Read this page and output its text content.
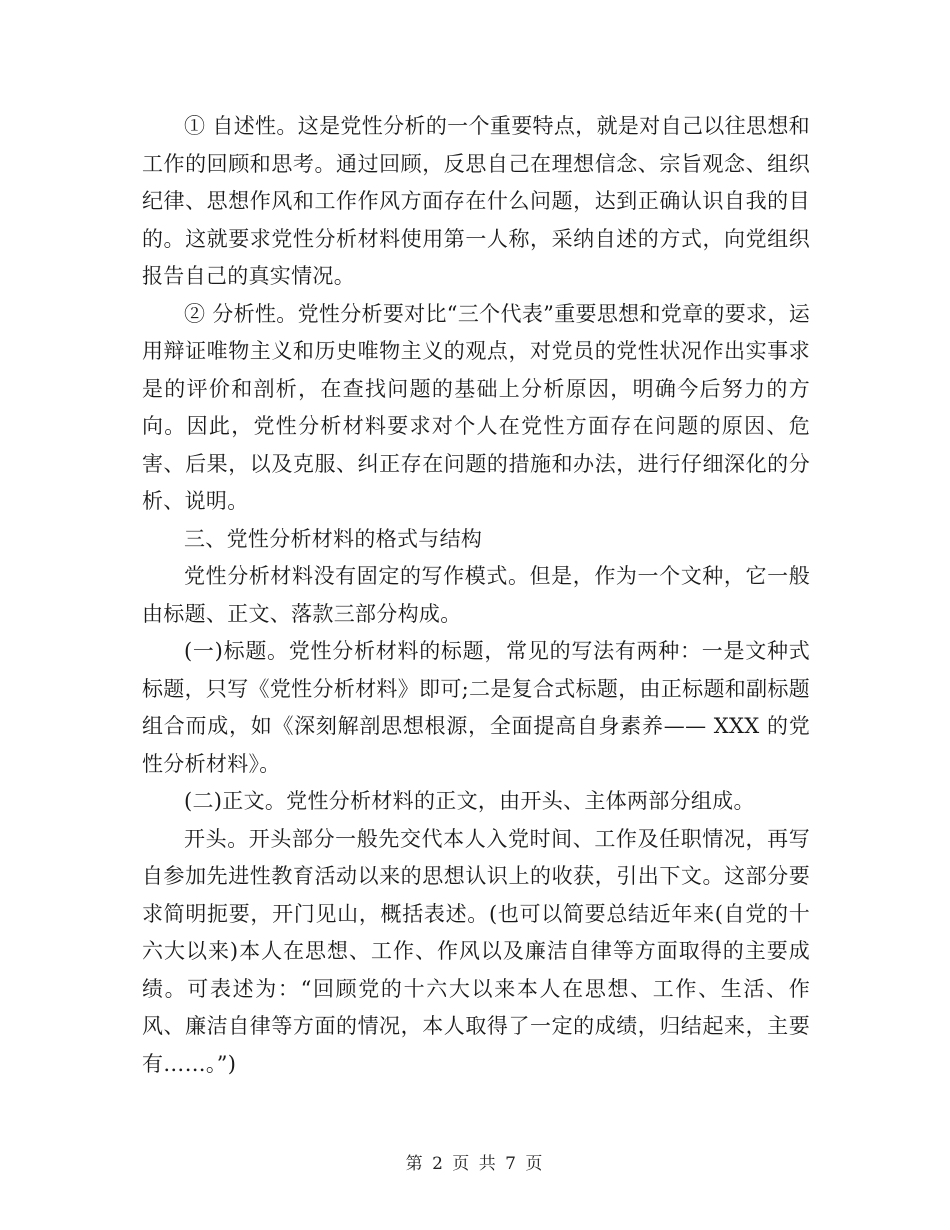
① 自述性。这是党性分析的一个重要特点，就是对自己以往思想和工作的回顾和思考。通过回顾，反思自己在理想信念、宗旨观念、组织纪律、思想作风和工作作风方面存在什么问题，达到正确认识自我的目的。这就要求党性分析材料使用第一人称，采纳自述的方式，向党组织报告自己的真实情况。

② 分析性。党性分析要对比“三个代表”重要思想和党章的要求，运用辩证唯物主义和历史唯物主义的观点，对党员的党性状况作出实事求是的评价和剖析，在查找问题的基础上分析原因，明确今后努力的方向。因此，党性分析材料要求对个人在党性方面存在问题的原因、危害、后果，以及克服、纠正存在问题的措施和办法，进行仔细深化的分析、说明。

三、党性分析材料的格式与结构

党性分析材料没有固定的写作模式。但是，作为一个文种，它一般由标题、正文、落款三部分构成。

(一)标题。党性分析材料的标题，常见的写法有两种：一是文种式标题，只写《党性分析材料》即可;二是复合式标题，由正标题和副标题组合而成，如《深刻解剖思想根源，全面提高自身素养—— XXX 的党性分析材料》。

(二)正文。党性分析材料的正文，由开头、主体两部分组成。

开头。开头部分一般先交代本人入党时间、工作及任职情况，再写自参加先进性教育活动以来的思想认识上的收获，引出下文。这部分要求简明扼要，开门见山，概括表述。(也可以简要总结近年来(自党的十六大以来)本人在思想、工作、作风以及廉洁自律等方面取得的主要成绩。可表述为：“回顾党的十六大以来本人在思想、工作、生活、作风、廉洁自律等方面的情况，本人取得了一定的成绩，归结起来，主要有……。”)

第 2 页 共 7 页
